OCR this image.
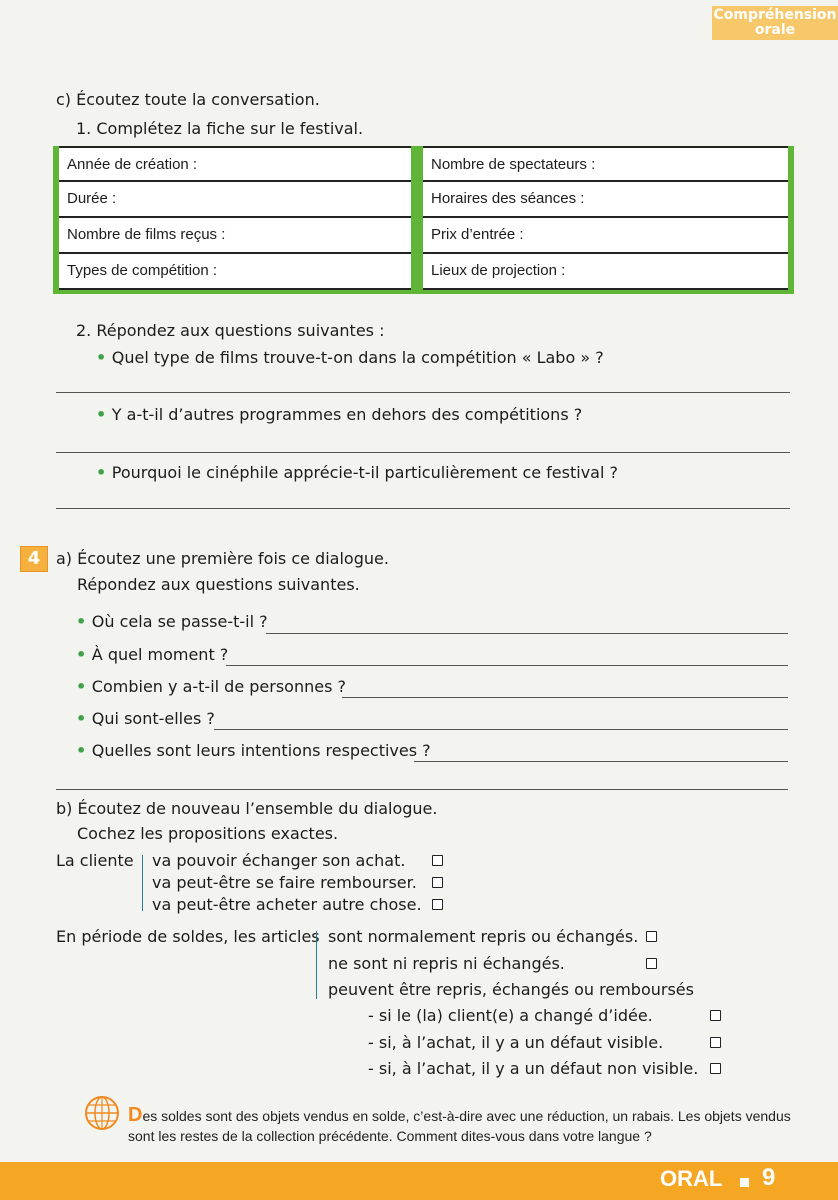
Compréhension orale
c) Écoutez toute la conversation.
1. Complétez la fiche sur le festival.
Année de création :
Durée :
Nombre de films reçus :
Types de compétition :
Nombre de spectateurs :
Horaires des séances :
Prix d’entrée :
Lieux de projection :
2. Répondez aux questions suivantes :
• Quel type de films trouve-t-on dans la compétition « Labo » ?
• Y a-t-il d’autres programmes en dehors des compétitions ?
• Pourquoi le cinéphile apprécie-t-il particulièrement ce festival ?
4 a) Écoutez une première fois ce dialogue.
Répondez aux questions suivantes.
• Où cela se passe-t-il ?
• À quel moment ?
• Combien y a-t-il de personnes ?
• Qui sont-elles ?
• Quelles sont leurs intentions respectives ?
b) Écoutez de nouveau l’ensemble du dialogue.
Cochez les propositions exactes.
La cliente va pouvoir échanger son achat.
va peut-être se faire rembourser.
va peut-être acheter autre chose.
En période de soldes, les articles sont normalement repris ou échangés.
ne sont ni repris ni échangés.
peuvent être repris, échangés ou remboursés
- si le (la) client(e) a changé d’idée.
- si, à l’achat, il y a un défaut visible.
- si, à l’achat, il y a un défaut non visible.
Des soldes sont des objets vendus en solde, c’est-à-dire avec une réduction, un rabais. Les objets vendus
sont les restes de la collection précédente. Comment dites-vous dans votre langue ?
ORAL 9
